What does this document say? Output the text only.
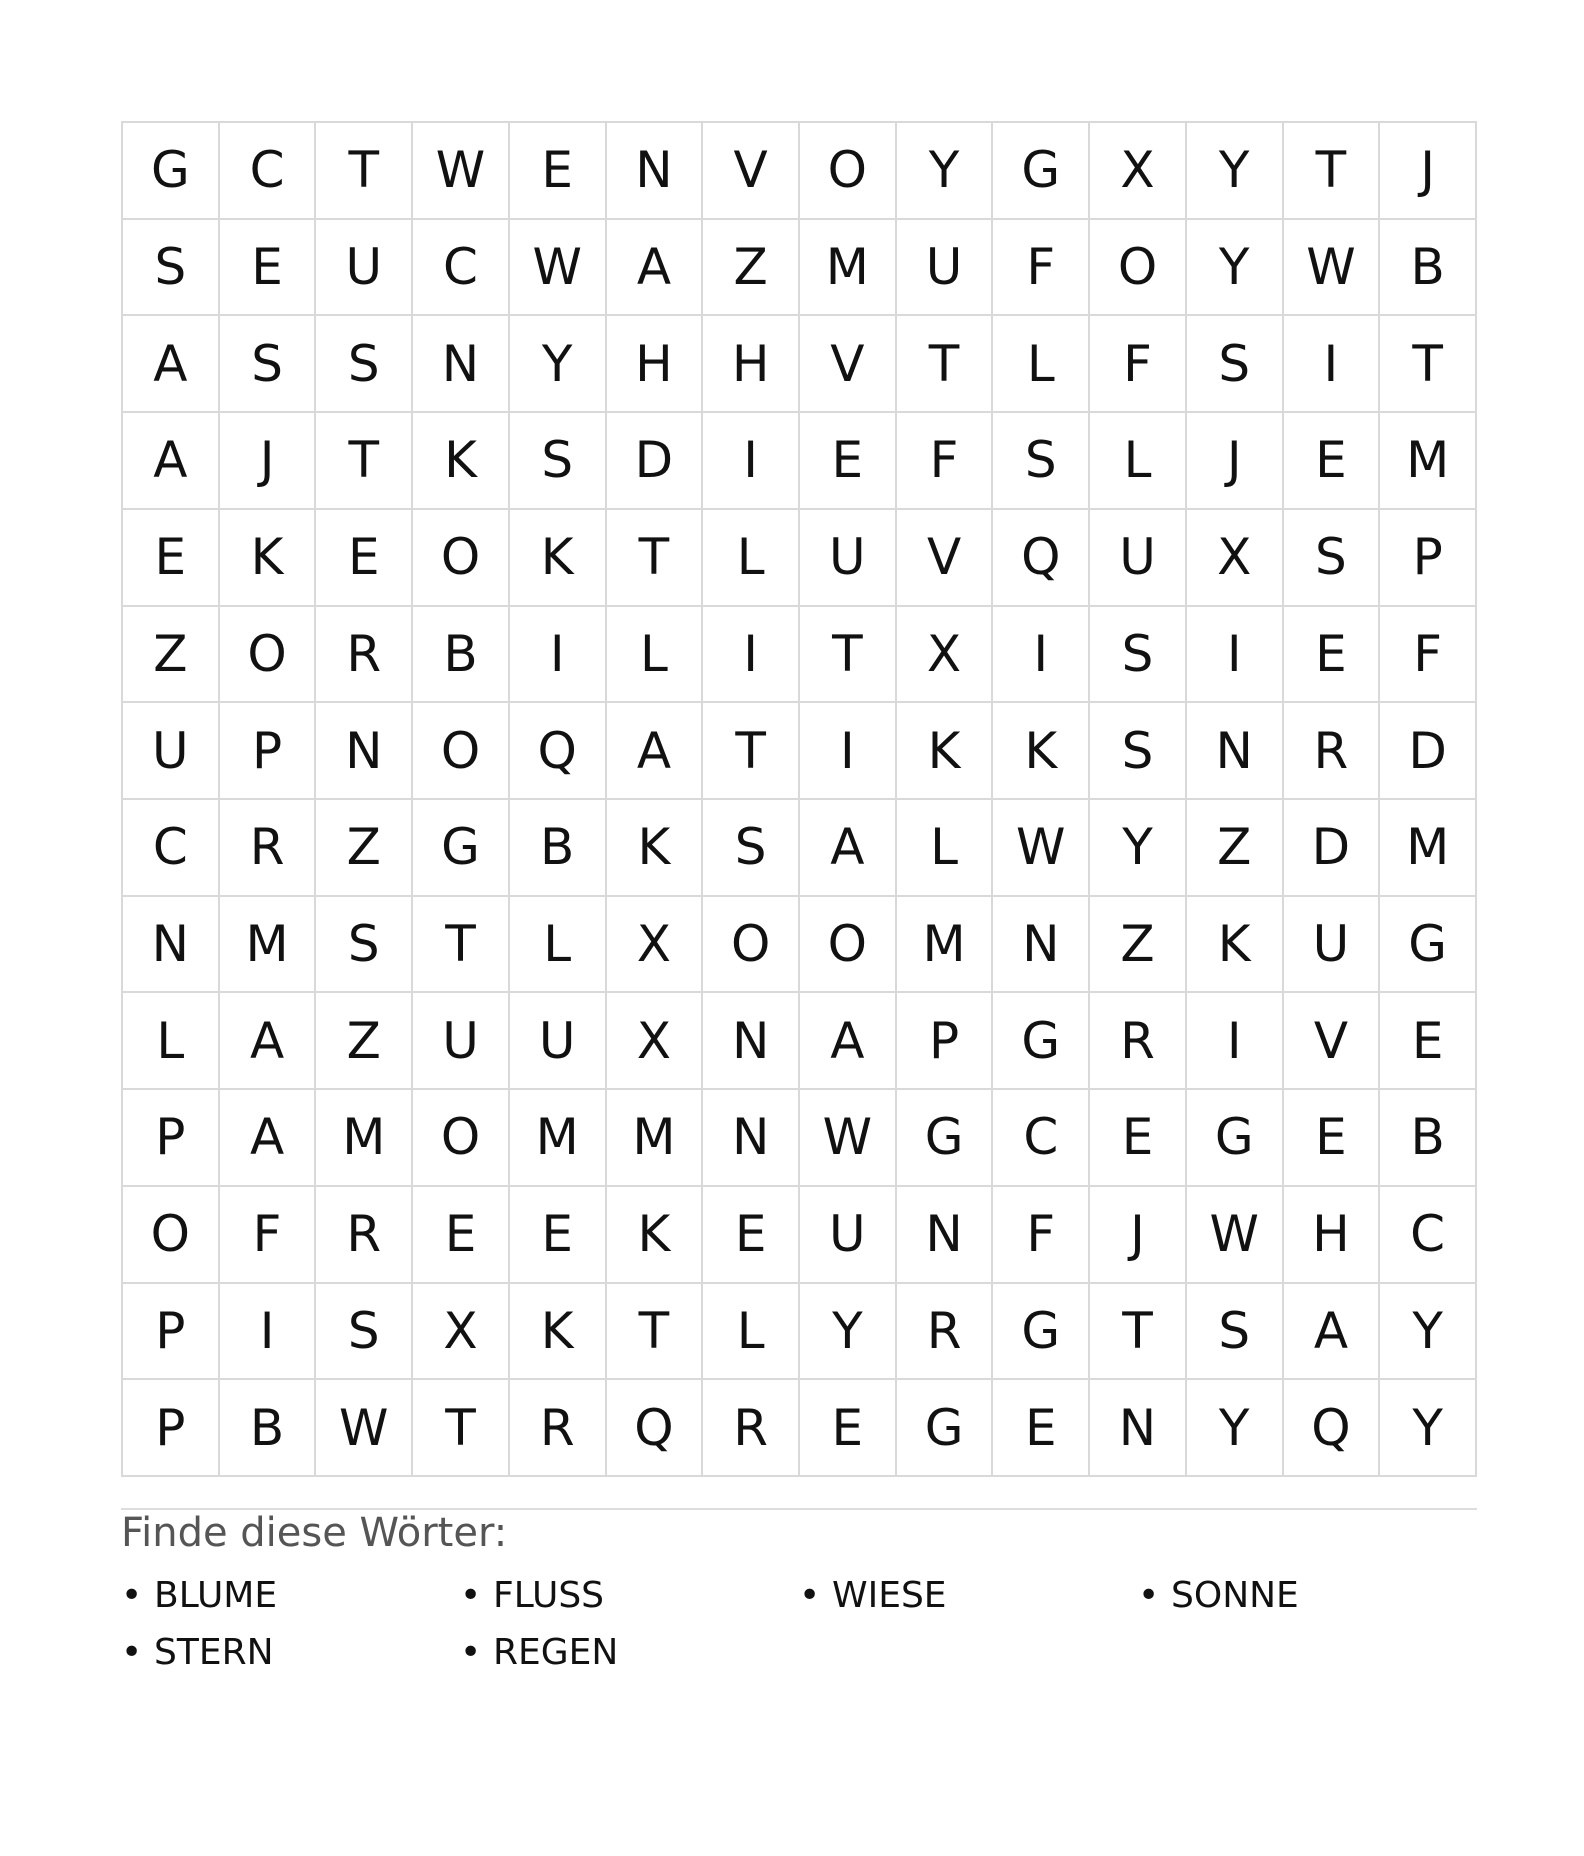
G	C	T	W	E	N	V	O	Y	G	X	Y	T	J
S	E	U	C	W	A	Z	M	U	F	O	Y	W	B
A	S	S	N	Y	H	H	V	T	L	F	S	I	T
A	J	T	K	S	D	I	E	F	S	L	J	E	M
E	K	E	O	K	T	L	U	V	Q	U	X	S	P
Z	O	R	B	I	L	I	T	X	I	S	I	E	F
U	P	N	O	Q	A	T	I	K	K	S	N	R	D
C	R	Z	G	B	K	S	A	L	W	Y	Z	D	M
N	M	S	T	L	X	O	O	M	N	Z	K	U	G
L	A	Z	U	U	X	N	A	P	G	R	I	V	E
P	A	M	O	M	M	N	W	G	C	E	G	E	B
O	F	R	E	E	K	E	U	N	F	J	W	H	C
P	I	S	X	K	T	L	Y	R	G	T	S	A	Y
P	B	W	T	R	Q	R	E	G	E	N	Y	Q	Y
Finde diese Wörter:
• BLUME	• FLUSS	• WIESE	• SONNE
• STERN	• REGEN
